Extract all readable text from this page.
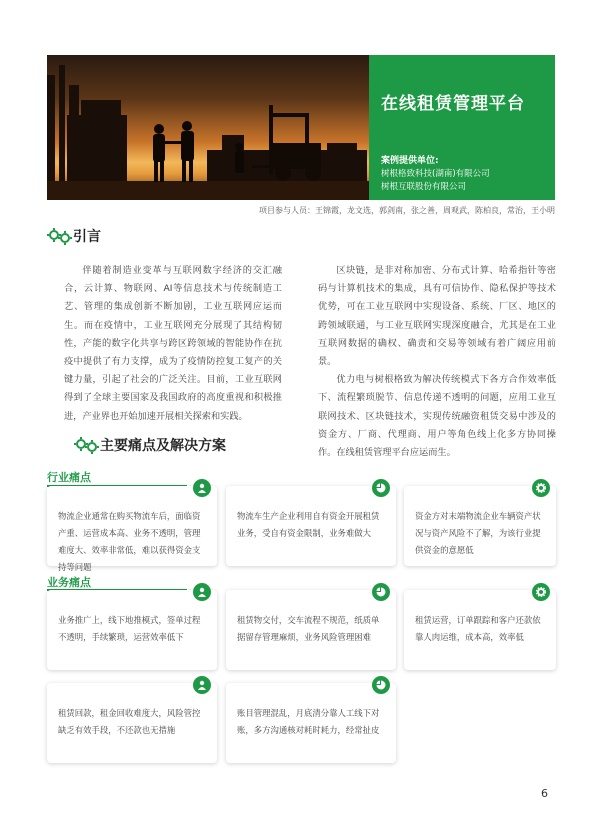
在线租赁管理平台
案例提供单位:
树根格致科技(湖南)有限公司
树根互联股份有限公司
项目参与人员：王锦霞，龙文选，郭剑南，张之善，周观武，陈柏良，常治，王小明
引言

伴随着制造业变革与互联网数字经济的交汇融合，云计算、物联网、AI等信息技术与传统制造工艺、管理的集成创新不断加剧，工业互联网应运而生。而在疫情中，工业互联网充分展现了其结构韧性，产能的数字化共享与跨区跨领域的智能协作在抗疫中提供了有力支撑，成为了疫情防控复工复产的关键力量，引起了社会的广泛关注。目前，工业互联网得到了全球主要国家及我国政府的高度重视和积极推进，产业界也开始加速开展相关探索和实践。

区块链，是非对称加密、分布式计算、哈希指针等密码与计算机技术的集成，具有可信协作、隐私保护等技术优势，可在工业互联网中实现设备、系统、厂区、地区的跨领域联通，与工业互联网实现深度融合，尤其是在工业互联网数据的确权、确责和交易等领域有着广阔应用前景。

优力电与树根格致为解决传统模式下各方合作效率低下、流程繁琐脱节、信息传递不透明的问题，应用工业互联网技术、区块链技术，实现传统融资租赁交易中涉及的资金方、厂商、代理商、用户等角色线上化多方协同操作。在线租赁管理平台应运而生。

主要痛点及解决方案
行业痛点
物流企业通常在购买物流车后，面临资产重、运营成本高、业务不透明，管理难度大、效率非常低，难以获得资金支持等问题
物流车生产企业利用自有资金开展租赁业务，受自有资金限制，业务难做大
资金方对末端物流企业车辆资产状况与资产风险不了解，为该行业提供资金的意愿低
业务痛点
业务推广上，线下地推模式，签单过程不透明，手续繁琐，运营效率低下
租赁物交付，交车流程不规范，纸质单据留存管理麻烦，业务风险管理困难
租赁运营，订单跟踪和客户还款依靠人肉运维，成本高，效率低
租赁回款，租金回收难度大，风险管控缺乏有效手段，不还款也无措施
账目管理混乱，月底清分靠人工线下对账，多方沟通核对耗时耗力，经常扯皮
6
